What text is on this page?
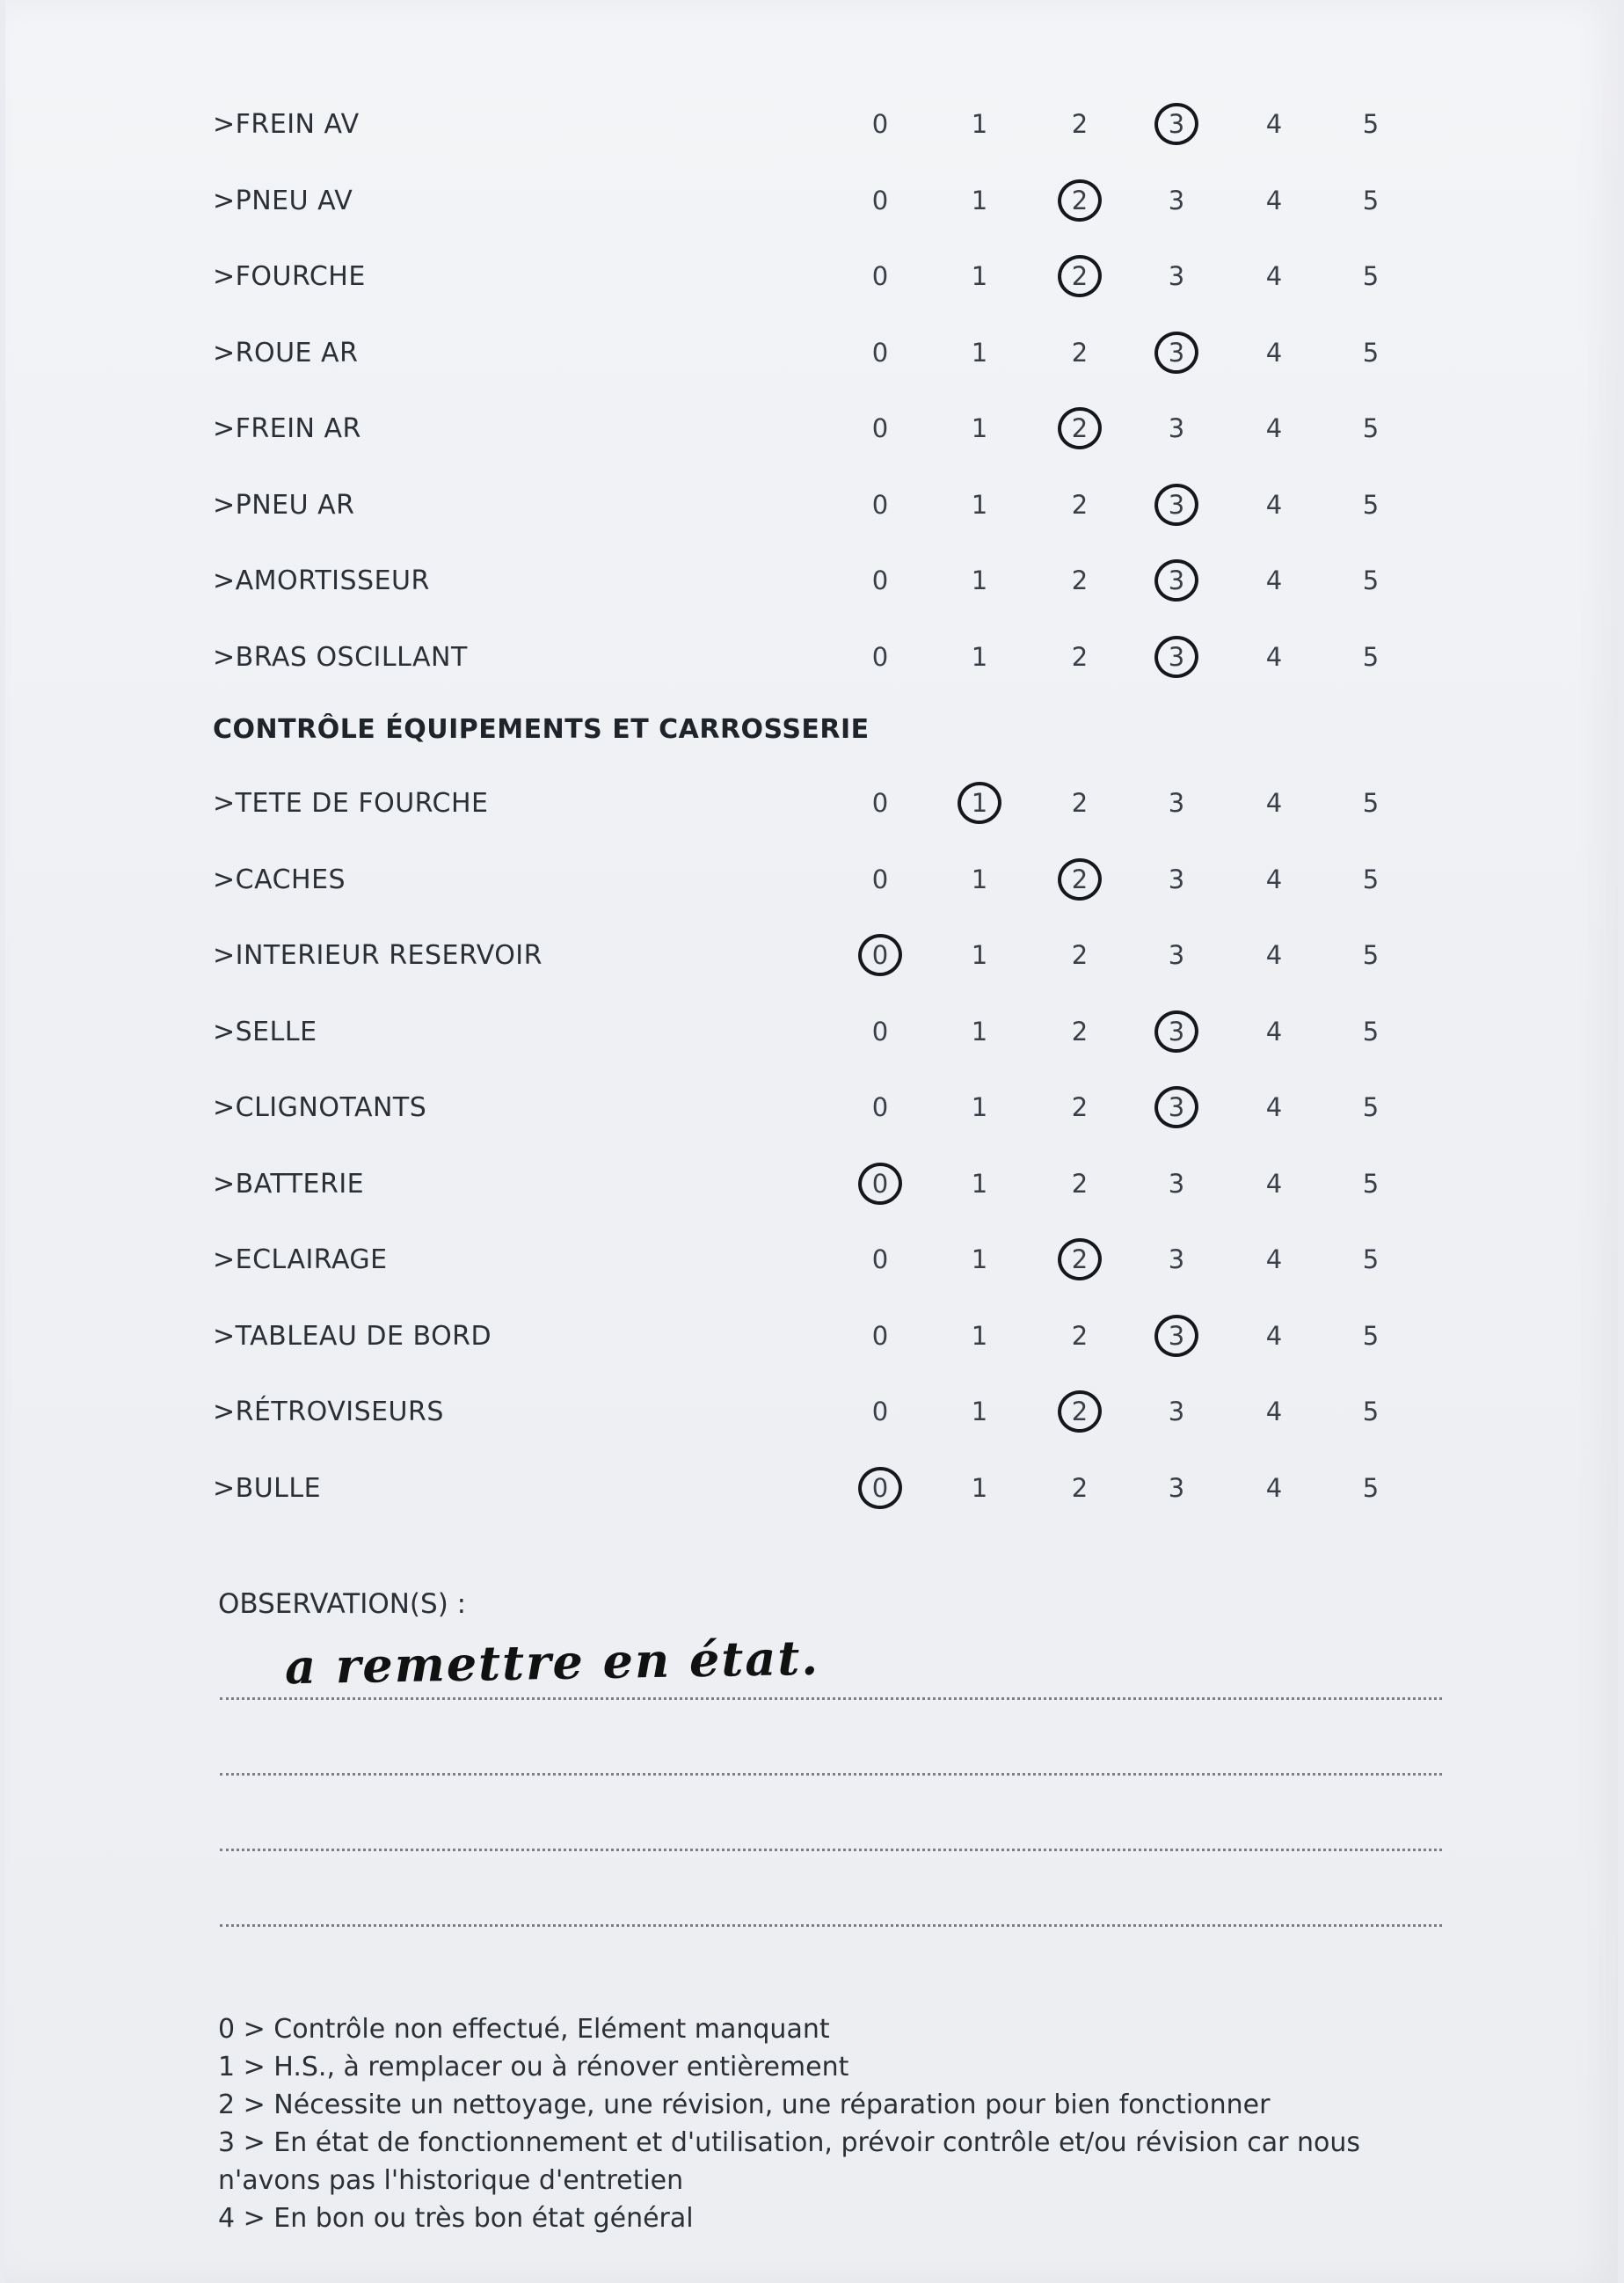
>FREIN AV	0	1	2	3	4	5
>PNEU AV	0	1	2	3	4	5
>FOURCHE	0	1	2	3	4	5
>ROUE AR	0	1	2	3	4	5
>FREIN AR	0	1	2	3	4	5
>PNEU AR	0	1	2	3	4	5
>AMORTISSEUR	0	1	2	3	4	5
>BRAS OSCILLANT	0	1	2	3	4	5
CONTRÔLE ÉQUIPEMENTS ET CARROSSERIE
>TETE DE FOURCHE	0	1	2	3	4	5
>CACHES	0	1	2	3	4	5
>INTERIEUR RESERVOIR	0	1	2	3	4	5
>SELLE	0	1	2	3	4	5
>CLIGNOTANTS	0	1	2	3	4	5
>BATTERIE	0	1	2	3	4	5
>ECLAIRAGE	0	1	2	3	4	5
>TABLEAU DE BORD	0	1	2	3	4	5
>RÉTROVISEURS	0	1	2	3	4	5
>BULLE	0	1	2	3	4	5
OBSERVATION(S) :
a remettre en état.
0 > Contrôle non effectué, Elément manquant
1 > H.S., à remplacer ou à rénover entièrement
2 > Nécessite un nettoyage, une révision, une réparation pour bien fonctionner
3 > En état de fonctionnement et d'utilisation, prévoir contrôle et/ou révision car nous n'avons pas l'historique d'entretien
4 > En bon ou très bon état général
